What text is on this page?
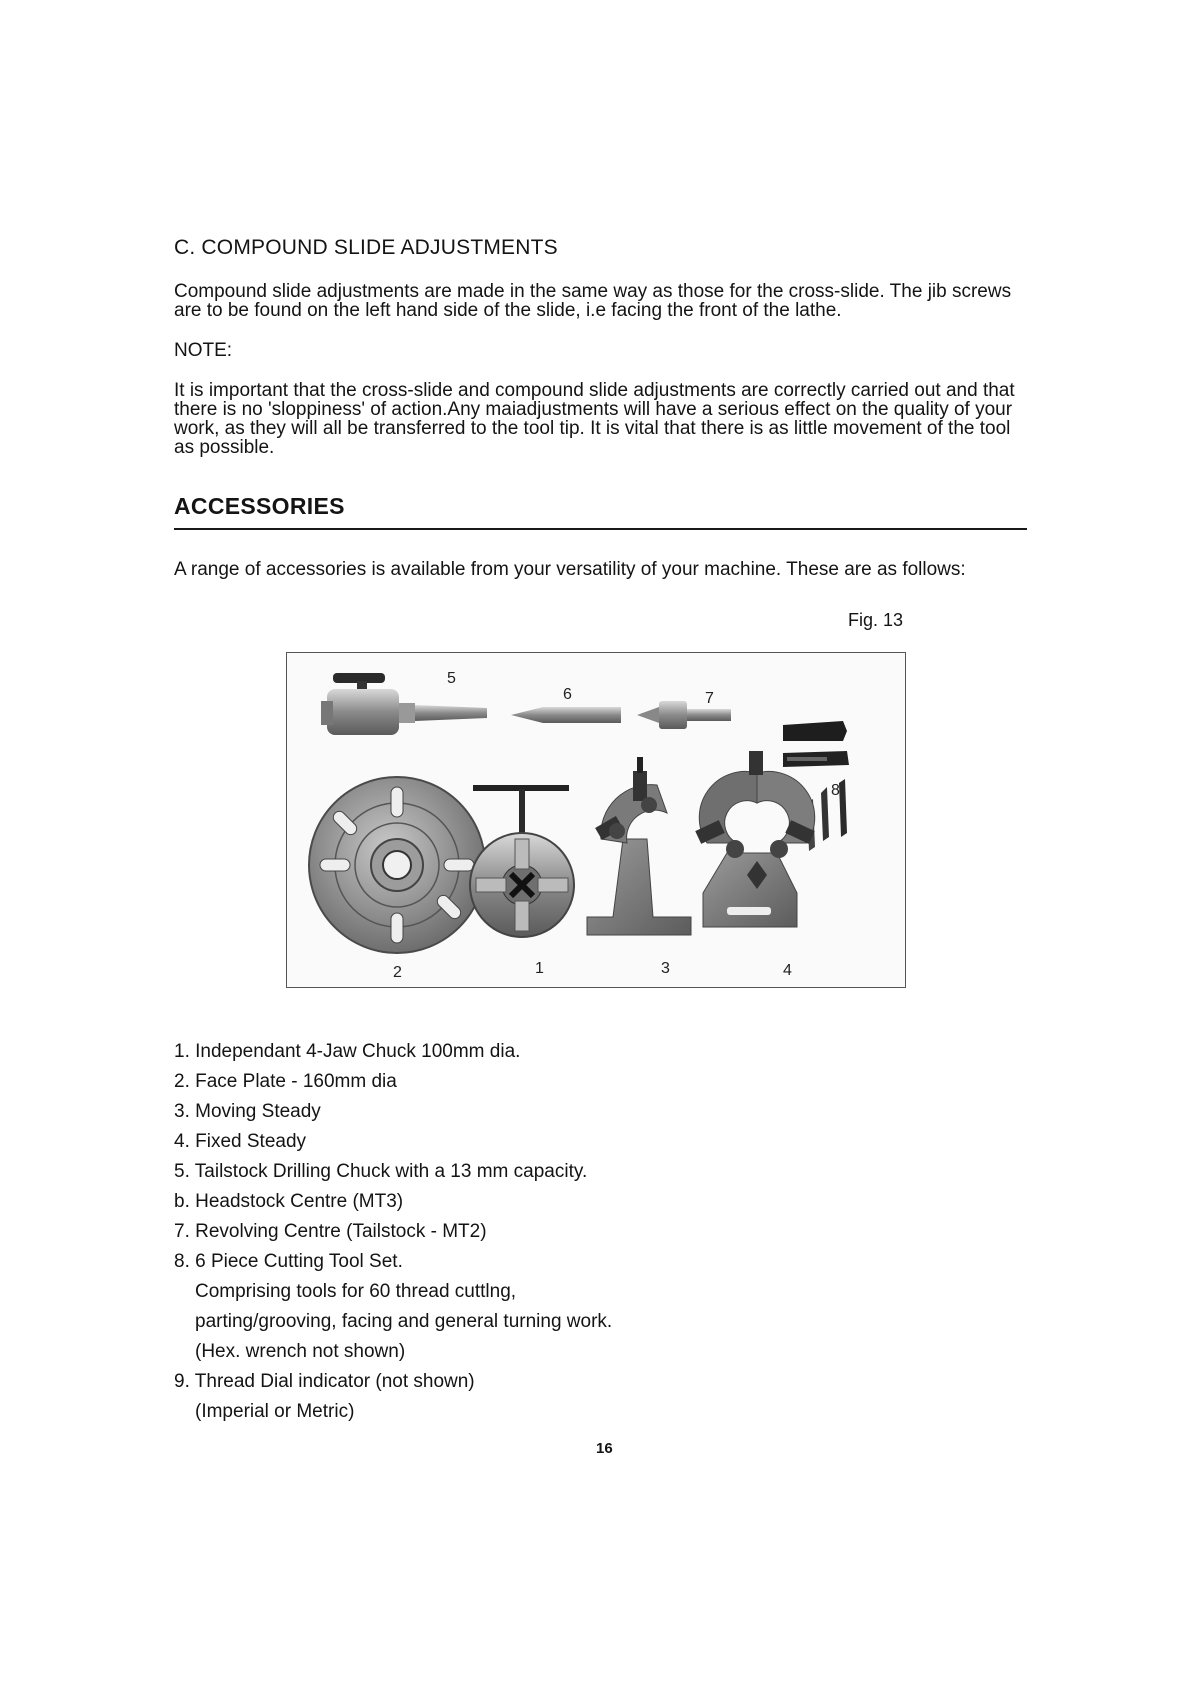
C. COMPOUND SLIDE ADJUSTMENTS

Compound slide adjustments are made in the same way as those for the cross-slide. The jib screws are to be found on the left hand side of the slide, i.e facing the front of the lathe.

NOTE:

It is important that the cross-slide and compound slide adjustments are correctly carried out and that there is no 'sloppiness' of action.Any maiadjustments will have a serious effect on the quality of your work, as they will all be transferred to the tool tip. It is vital that there is as little movement of the tool as possible.

ACCESSORIES

A range of accessories is available from your versatility of your machine. These are as follows:

Fig. 13
5
6	7
8
2	1	3	4
1. Independant 4-Jaw Chuck 100mm dia.
2. Face Plate - 160mm dia
3. Moving Steady
4. Fixed Steady
5. Tailstock Drilling Chuck with a 13 mm capacity.
b. Headstock Centre (MT3)
7. Revolving Centre (Tailstock - MT2)
8. 6 Piece Cutting Tool Set.
Comprising tools for 60 thread cuttlng,
parting/grooving, facing and general turning work.
(Hex. wrench not shown)
9. Thread Dial indicator (not shown)
(Imperial or Metric)
16
